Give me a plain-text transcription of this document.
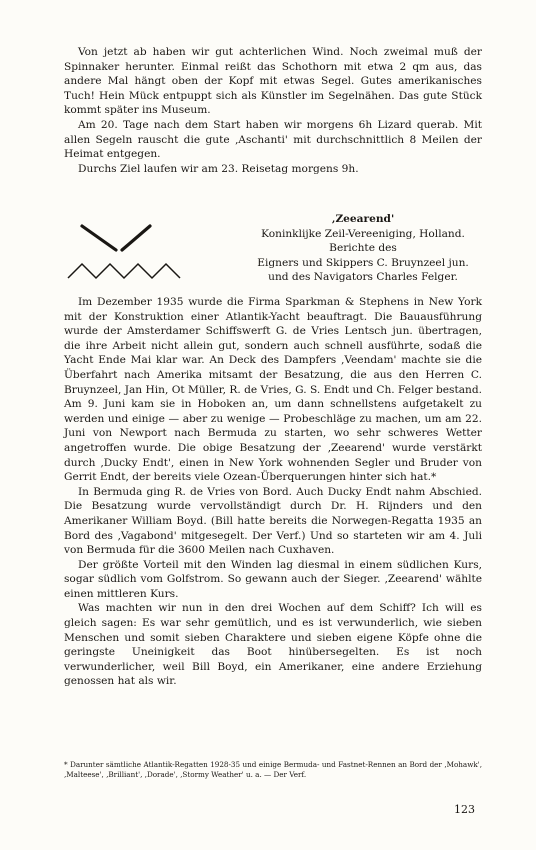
Von jetzt ab haben wir gut achterlichen Wind. Noch zweimal muß der Spinnaker herunter. Einmal reißt das Schothorn mit etwa 2 qm aus, das andere Mal hängt oben der Kopf mit etwas Segel. Gutes amerikanisches Tuch! Hein Mück entpuppt sich als Künstler im Segelnähen. Das gute Stück kommt später ins Museum.

Am 20. Tage nach dem Start haben wir morgens 6h Lizard querab. Mit allen Segeln rauscht die gute ‚Aschanti' mit durchschnittlich 8 Meilen der Heimat entgegen.

Durchs Ziel laufen wir am 23. Reisetag morgens 9h.

‚Zeearend'
Koninklijke Zeil-Vereeniging, Holland.
Berichte des
Eigners und Skippers C. Bruynzeel jun.
und des Navigators Charles Felger.

Im Dezember 1935 wurde die Firma Sparkman & Stephens in New York mit der Konstruktion einer Atlantik-Yacht beauftragt. Die Bauausführung wurde der Amsterdamer Schiffswerft G. de Vries Lentsch jun. übertragen, die ihre Arbeit nicht allein gut, sondern auch schnell ausführte, sodaß die Yacht Ende Mai klar war. An Deck des Dampfers ‚Veendam' machte sie die Überfahrt nach Amerika mitsamt der Besatzung, die aus den Herren C. Bruynzeel, Jan Hin, Ot Müller, R. de Vries, G. S. Endt und Ch. Felger bestand. Am 9. Juni kam sie in Hoboken an, um dann schnellstens aufgetakelt zu werden und einige — aber zu wenige — Probeschläge zu machen, um am 22. Juni von Newport nach Bermuda zu starten, wo sehr schweres Wetter angetroffen wurde. Die obige Besatzung der ‚Zeearend' wurde verstärkt durch ‚Ducky Endt', einen in New York wohnenden Segler und Bruder von Gerrit Endt, der bereits viele Ozean-Überquerungen hinter sich hat.*

In Bermuda ging R. de Vries von Bord. Auch Ducky Endt nahm Abschied. Die Besatzung wurde vervollständigt durch Dr. H. Rijnders und den Amerikaner William Boyd. (Bill hatte bereits die Norwegen-Regatta 1935 an Bord des ‚Vagabond' mitgesegelt. Der Verf.) Und so starteten wir am 4. Juli von Bermuda für die 3600 Meilen nach Cuxhaven.

Der größte Vorteil mit den Winden lag diesmal in einem südlichen Kurs, sogar südlich vom Golfstrom. So gewann auch der Sieger. ‚Zeearend' wählte einen mittleren Kurs.

Was machten wir nun in den drei Wochen auf dem Schiff? Ich will es gleich sagen: Es war sehr gemütlich, und es ist verwunderlich, wie sieben Menschen und somit sieben Charaktere und sieben eigene Köpfe ohne die geringste Uneinigkeit das Boot hinübersegelten. Es ist noch verwunderlicher, weil Bill Boyd, ein Amerikaner, eine andere Erziehung genossen hat als wir.

* Darunter sämtliche Atlantik-Regatten 1928-35 und einige Bermuda- und Fastnet-Rennen an Bord der ‚Mohawk', ‚Malteese', ‚Brilliant', ‚Dorade', ‚Stormy Weather' u. a. — Der Verf.
123
